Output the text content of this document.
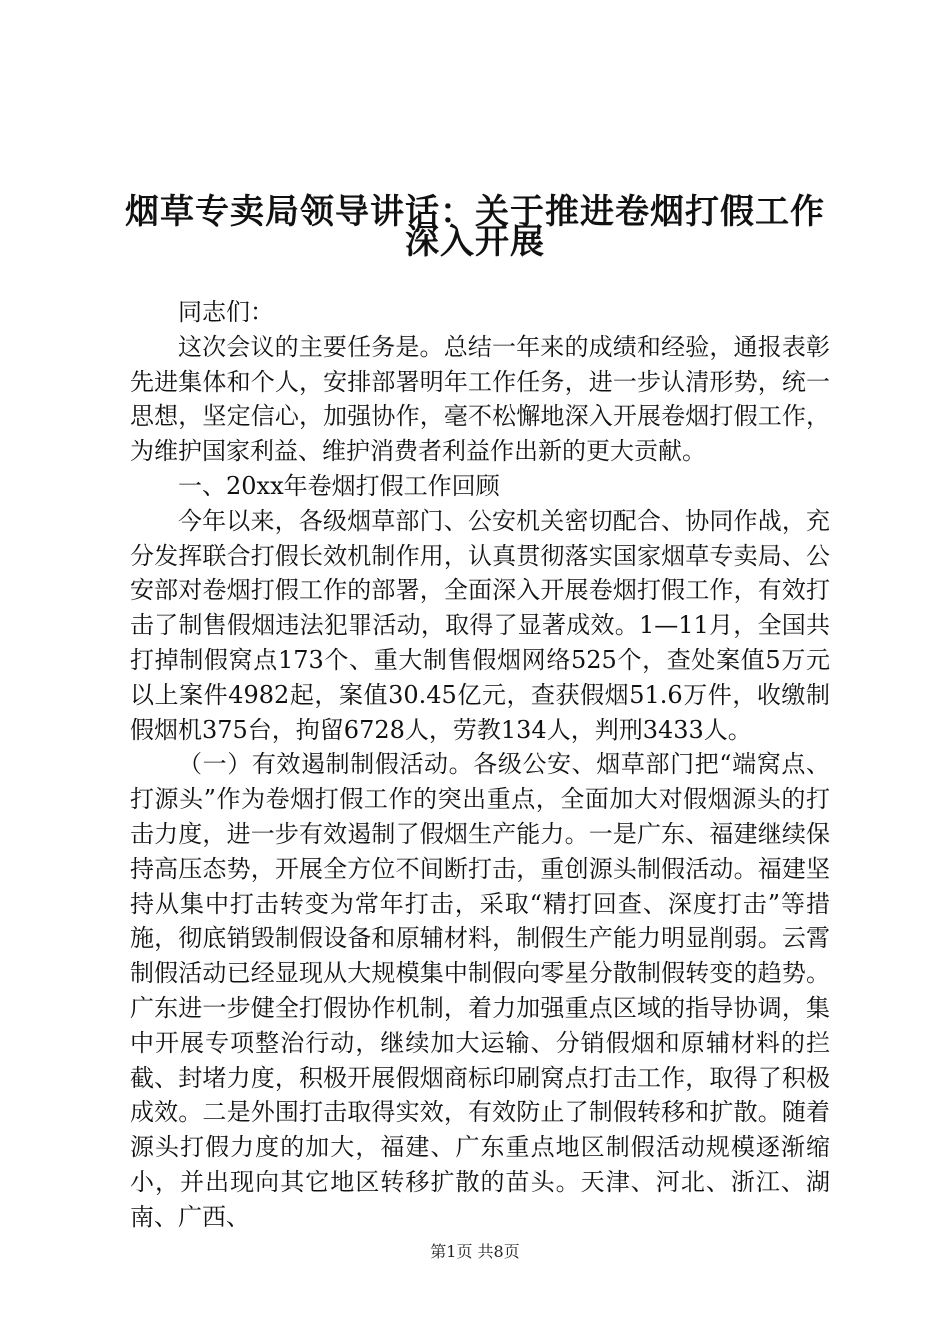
烟草专卖局领导讲话：关于推进卷烟打假工作
深入开展

同志们：

这次会议的主要任务是。总结一年来的成绩和经验，通报表彰先进集体和个人，安排部署明年工作任务，进一步认清形势，统一思想，坚定信心，加强协作，毫不松懈地深入开展卷烟打假工作，为维护国家利益、维护消费者利益作出新的更大贡献。

一、20xx年卷烟打假工作回顾

今年以来，各级烟草部门、公安机关密切配合、协同作战，充分发挥联合打假长效机制作用，认真贯彻落实国家烟草专卖局、公安部对卷烟打假工作的部署，全面深入开展卷烟打假工作，有效打击了制售假烟违法犯罪活动，取得了显著成效。1—11月，全国共打掉制假窝点173个、重大制售假烟网络525个，查处案值5万元以上案件4982起，案值30.45亿元，查获假烟51.6万件，收缴制假烟机375台，拘留6728人，劳教134人，判刑3433人。

（一）有效遏制制假活动。各级公安、烟草部门把“端窝点、打源头”作为卷烟打假工作的突出重点，全面加大对假烟源头的打击力度，进一步有效遏制了假烟生产能力。一是广东、福建继续保持高压态势，开展全方位不间断打击，重创源头制假活动。福建坚持从集中打击转变为常年打击，采取“精打回查、深度打击”等措施，彻底销毁制假设备和原辅材料，制假生产能力明显削弱。云霄制假活动已经显现从大规模集中制假向零星分散制假转变的趋势。广东进一步健全打假协作机制，着力加强重点区域的指导协调，集中开展专项整治行动，继续加大运输、分销假烟和原辅材料的拦截、封堵力度，积极开展假烟商标印刷窝点打击工作，取得了积极成效。二是外围打击取得实效，有效防止了制假转移和扩散。随着源头打假力度的加大，福建、广东重点地区制假活动规模逐渐缩小，并出现向其它地区转移扩散的苗头。天津、河北、浙江、湖南、广西、

第1页 共8页
